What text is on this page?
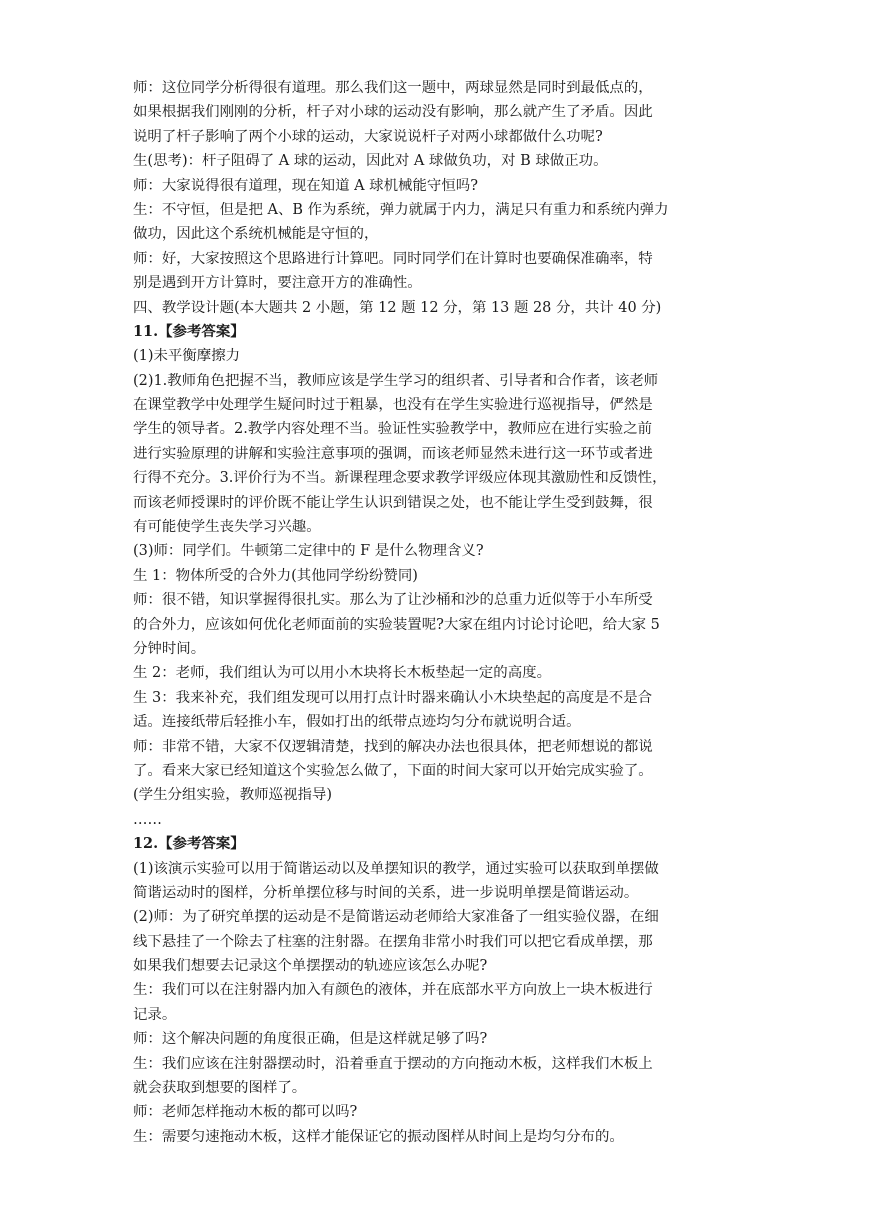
师：这位同学分析得很有道理。那么我们这一题中，两球显然是同时到最低点的，
如果根据我们刚刚的分析，杆子对小球的运动没有影响，那么就产生了矛盾。因此
说明了杆子影响了两个小球的运动，大家说说杆子对两小球都做什么功呢?
生(思考)：杆子阻碍了 A 球的运动，因此对 A 球做负功，对 B 球做正功。
师：大家说得很有道理，现在知道 A 球机械能守恒吗?
生：不守恒，但是把 A、B 作为系统，弹力就属于内力，满足只有重力和系统内弹力
做功，因此这个系统机械能是守恒的，
师：好，大家按照这个思路进行计算吧。同时同学们在计算时也要确保准确率，特
别是遇到开方计算时，要注意开方的准确性。
四、教学设计题(本大题共 2 小题，第 12 题 12 分，第 13 题 28 分，共计 40 分)
11.【参考答案】
(1)未平衡摩擦力
(2)1.教师角色把握不当，教师应该是学生学习的组织者、引导者和合作者，该老师
在课堂教学中处理学生疑问时过于粗暴，也没有在学生实验进行巡视指导，俨然是
学生的领导者。2.教学内容处理不当。验证性实验教学中，教师应在进行实验之前
进行实验原理的讲解和实验注意事项的强调，而该老师显然未进行这一环节或者进
行得不充分。3.评价行为不当。新课程理念要求教学评级应体现其激励性和反馈性，
而该老师授课时的评价既不能让学生认识到错误之处，也不能让学生受到鼓舞，很
有可能使学生丧失学习兴趣。
(3)师：同学们。牛顿第二定律中的 F 是什么物理含义?
生 1：物体所受的合外力(其他同学纷纷赞同)
师：很不错，知识掌握得很扎实。那么为了让沙桶和沙的总重力近似等于小车所受
的合外力，应该如何优化老师面前的实验装置呢?大家在组内讨论讨论吧，给大家 5
分钟时间。
生 2：老师，我们组认为可以用小木块将长木板垫起一定的高度。
生 3：我来补充，我们组发现可以用打点计时器来确认小木块垫起的高度是不是合
适。连接纸带后轻推小车，假如打出的纸带点迹均匀分布就说明合适。
师：非常不错，大家不仅逻辑清楚，找到的解决办法也很具体，把老师想说的都说
了。看来大家已经知道这个实验怎么做了，下面的时间大家可以开始完成实验了。
(学生分组实验，教师巡视指导)
……
12.【参考答案】
(1)该演示实验可以用于简谐运动以及单摆知识的教学，通过实验可以获取到单摆做
简谐运动时的图样，分析单摆位移与时间的关系，进一步说明单摆是简谐运动。
(2)师：为了研究单摆的运动是不是简谐运动老师给大家准备了一组实验仪器，在细
线下悬挂了一个除去了柱塞的注射器。在摆角非常小时我们可以把它看成单摆，那
如果我们想要去记录这个单摆摆动的轨迹应该怎么办呢?
生：我们可以在注射器内加入有颜色的液体，并在底部水平方向放上一块木板进行
记录。
师：这个解决问题的角度很正确，但是这样就足够了吗?
生：我们应该在注射器摆动时，沿着垂直于摆动的方向拖动木板，这样我们木板上
就会获取到想要的图样了。
师：老师怎样拖动木板的都可以吗?
生：需要匀速拖动木板，这样才能保证它的振动图样从时间上是均匀分布的。
